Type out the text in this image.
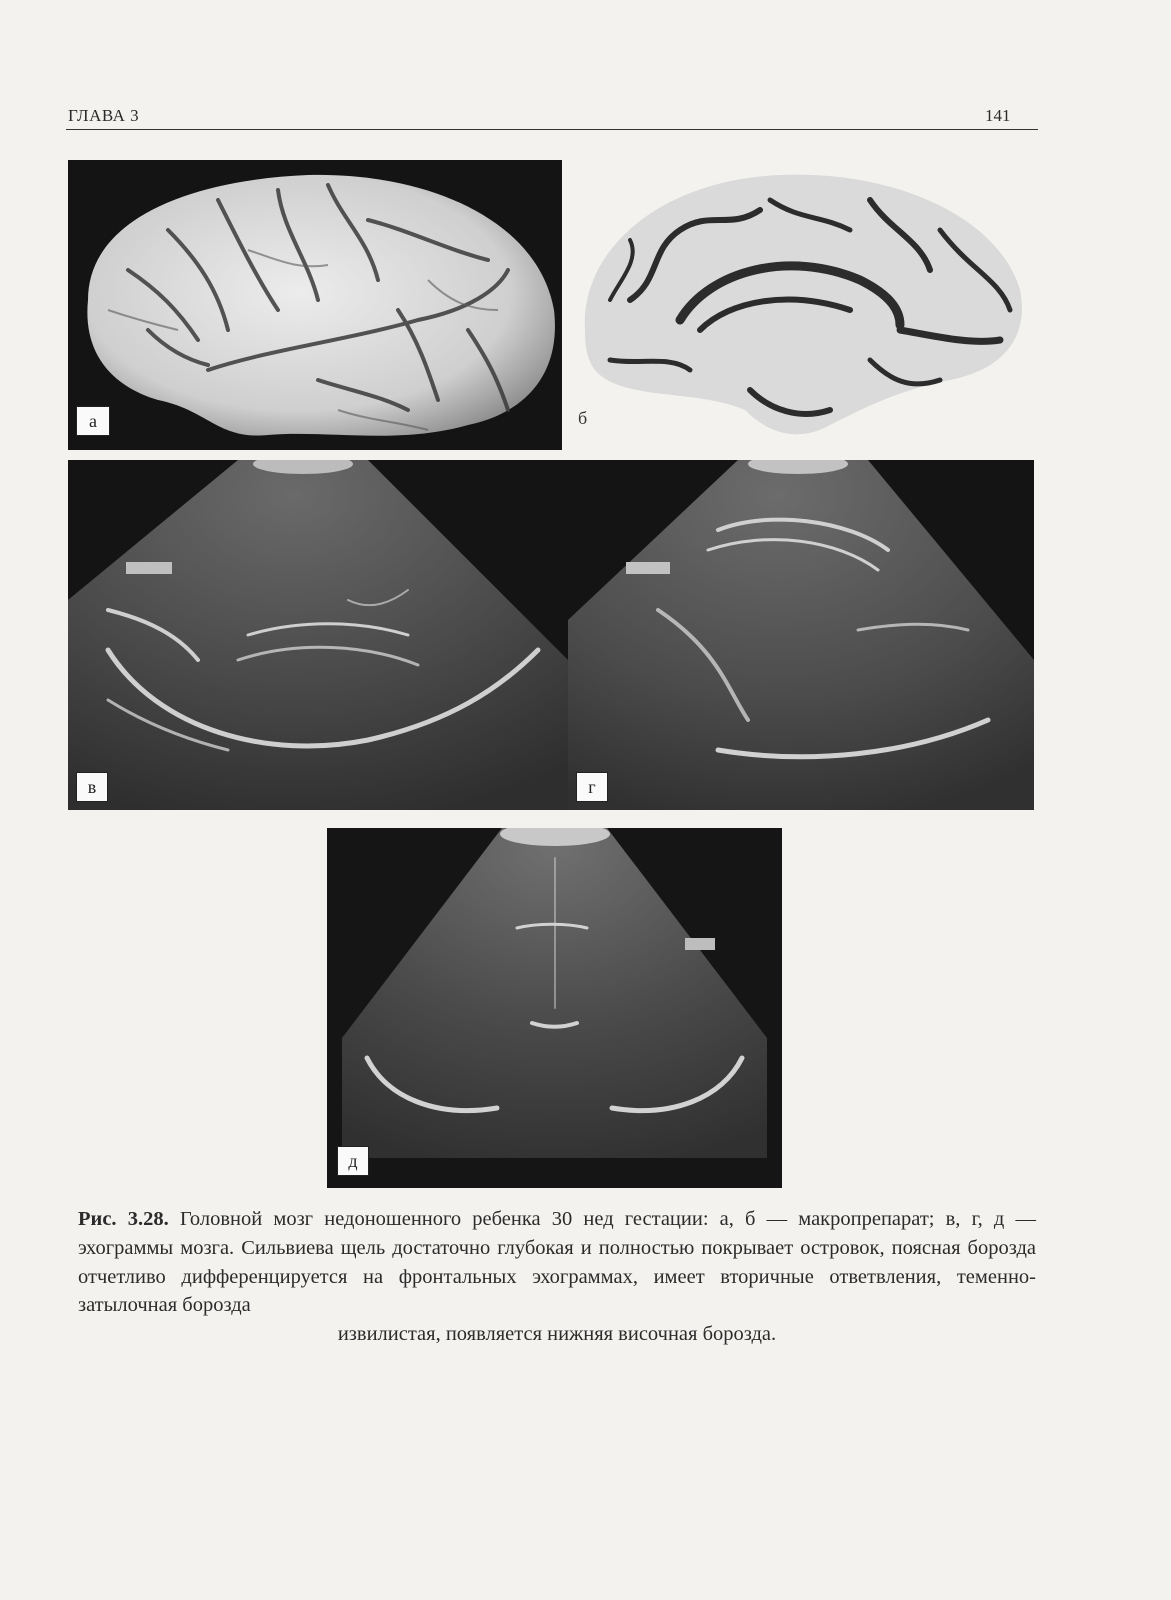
ГЛАВА 3	141
а	б
в	г
д
Рис. 3.28. Головной мозг недоношенного ребенка 30 нед гестации: а, б — макропрепарат; в, г, д — эхограммы мозга. Сильвиева щель достаточно глубокая и полностью покрывает островок, поясная борозда отчетливо дифференцируется на фронтальных эхограммах, имеет вторичные ответвления, теменно-затылочная борозда
извилистая, появляется нижняя височная борозда.
